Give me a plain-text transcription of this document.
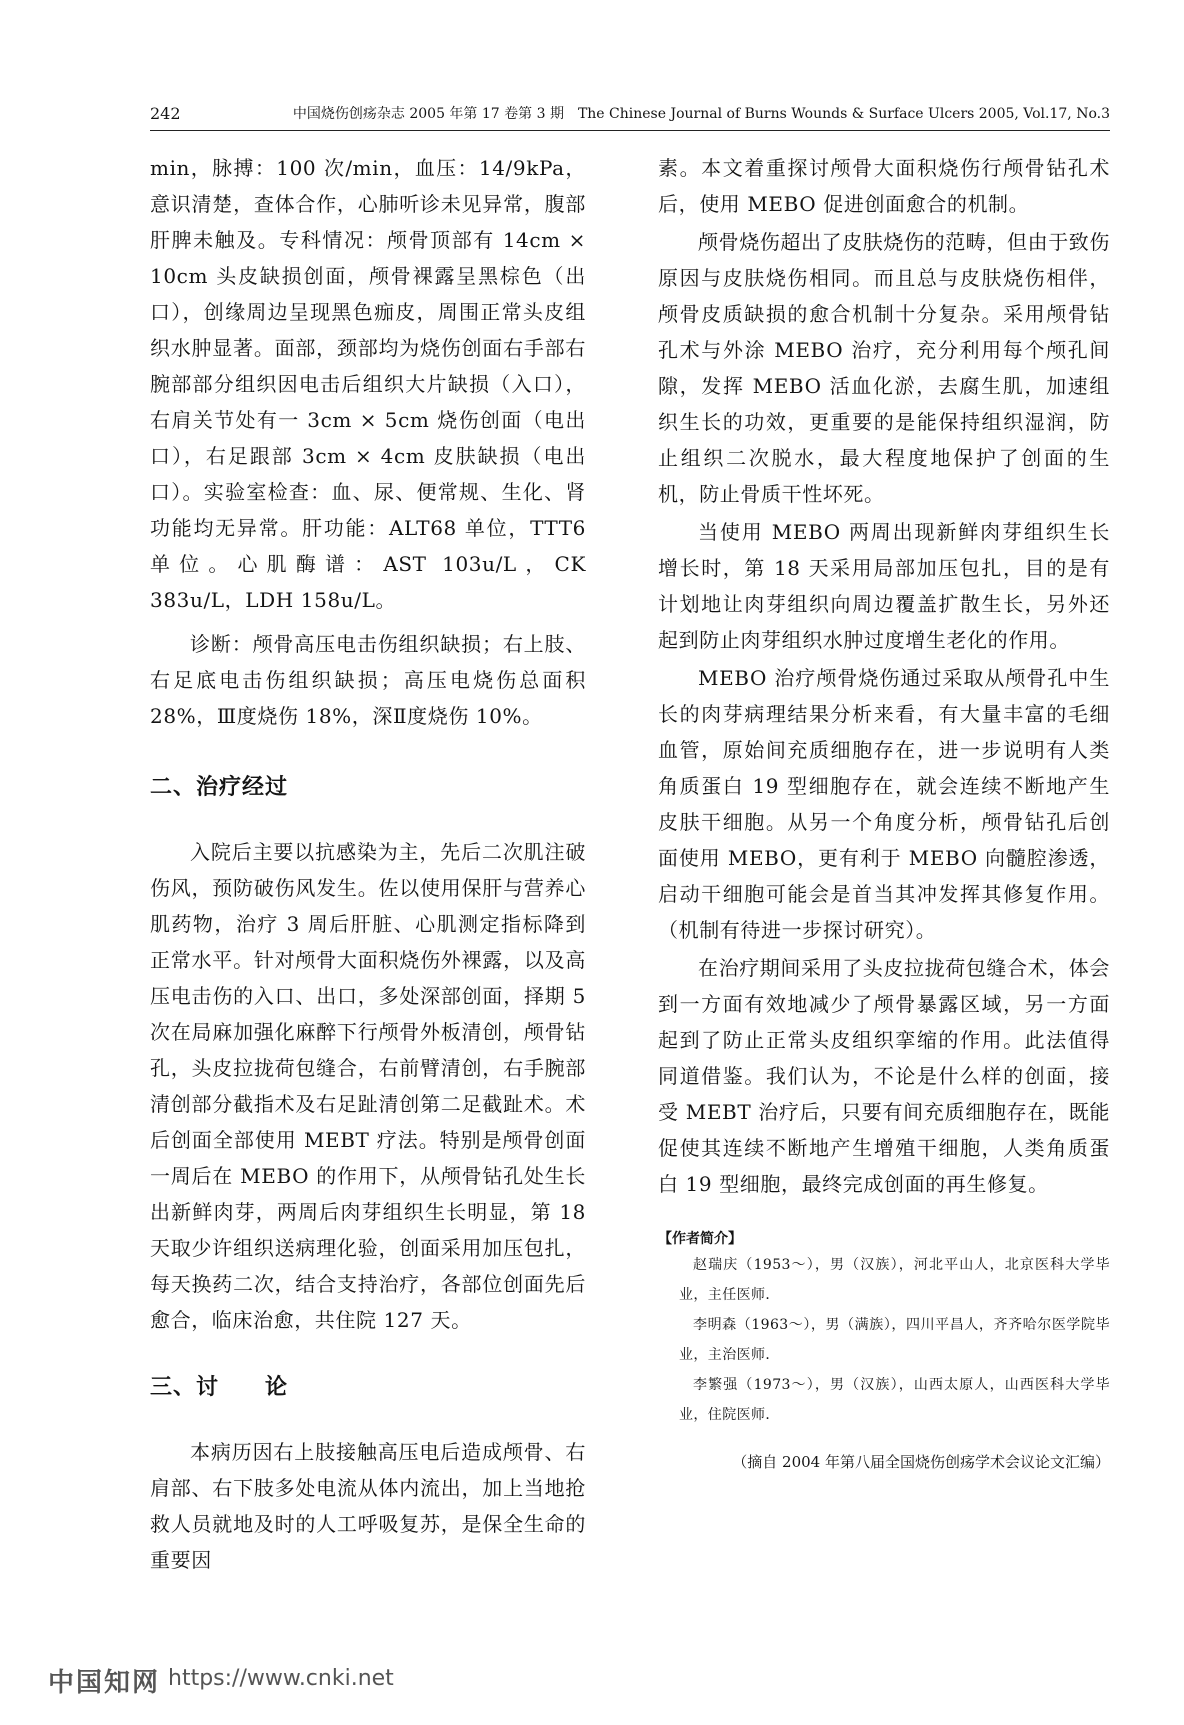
242	中国烧伤创疡杂志 2005 年第 17 卷第 3 期　The Chinese Journal of Burns Wounds & Surface Ulcers 2005, Vol.17, No.3

min，脉搏：100 次/min，血压：14/9kPa，意识清楚，查体合作，心肺听诊未见异常，腹部肝脾未触及。专科情况：颅骨顶部有 14cm × 10cm 头皮缺损创面，颅骨裸露呈黑棕色（出口），创缘周边呈现黑色痂皮，周围正常头皮组织水肿显著。面部，颈部均为烧伤创面右手部右腕部部分组织因电击后组织大片缺损（入口），右肩关节处有一 3cm × 5cm 烧伤创面（电出口），右足跟部 3cm × 4cm 皮肤缺损（电出口）。实验室检查：血、尿、便常规、生化、肾功能均无异常。肝功能：ALT68 单位，TTT6 单位。心肌酶谱：AST 103u/L，CK 383u/L，LDH 158u/L。

诊断：颅骨高压电击伤组织缺损；右上肢、右足底电击伤组织缺损；高压电烧伤总面积 28%，Ⅲ度烧伤 18%，深Ⅱ度烧伤 10%。

二、治疗经过

入院后主要以抗感染为主，先后二次肌注破伤风，预防破伤风发生。佐以使用保肝与营养心肌药物，治疗 3 周后肝脏、心肌测定指标降到正常水平。针对颅骨大面积烧伤外裸露，以及高压电击伤的入口、出口，多处深部创面，择期 5 次在局麻加强化麻醉下行颅骨外板清创，颅骨钻孔，头皮拉拢荷包缝合，右前臂清创，右手腕部清创部分截指术及右足趾清创第二足截趾术。术后创面全部使用 MEBT 疗法。特别是颅骨创面一周后在 MEBO 的作用下，从颅骨钻孔处生长出新鲜肉芽，两周后肉芽组织生长明显，第 18 天取少许组织送病理化验，创面采用加压包扎，每天换药二次，结合支持治疗，各部位创面先后愈合，临床治愈，共住院 127 天。

三、讨　　论

本病历因右上肢接触高压电后造成颅骨、右肩部、右下肢多处电流从体内流出，加上当地抢救人员就地及时的人工呼吸复苏，是保全生命的重要因

素。本文着重探讨颅骨大面积烧伤行颅骨钻孔术后，使用 MEBO 促进创面愈合的机制。

颅骨烧伤超出了皮肤烧伤的范畴，但由于致伤原因与皮肤烧伤相同。而且总与皮肤烧伤相伴，颅骨皮质缺损的愈合机制十分复杂。采用颅骨钻孔术与外涂 MEBO 治疗，充分利用每个颅孔间隙，发挥 MEBO 活血化淤，去腐生肌，加速组织生长的功效，更重要的是能保持组织湿润，防止组织二次脱水，最大程度地保护了创面的生机，防止骨质干性坏死。

当使用 MEBO 两周出现新鲜肉芽组织生长增长时，第 18 天采用局部加压包扎，目的是有计划地让肉芽组织向周边覆盖扩散生长，另外还起到防止肉芽组织水肿过度增生老化的作用。

MEBO 治疗颅骨烧伤通过采取从颅骨孔中生长的肉芽病理结果分析来看，有大量丰富的毛细血管，原始间充质细胞存在，进一步说明有人类角质蛋白 19 型细胞存在，就会连续不断地产生皮肤干细胞。从另一个角度分析，颅骨钻孔后创面使用 MEBO，更有利于 MEBO 向髓腔渗透，启动干细胞可能会是首当其冲发挥其修复作用。（机制有待进一步探讨研究）。

在治疗期间采用了头皮拉拢荷包缝合术，体会到一方面有效地减少了颅骨暴露区域，另一方面起到了防止正常头皮组织挛缩的作用。此法值得同道借鉴。我们认为，不论是什么样的创面，接受 MEBT 治疗后，只要有间充质细胞存在，既能促使其连续不断地产生增殖干细胞，人类角质蛋白 19 型细胞，最终完成创面的再生修复。

【作者简介】

赵瑞庆（1953～），男（汉族），河北平山人，北京医科大学毕业，主任医师．

李明森（1963～），男（满族），四川平昌人，齐齐哈尔医学院毕业，主治医师．

李繁强（1973～），男（汉族），山西太原人，山西医科大学毕业，住院医师．

（摘自 2004 年第八届全国烧伤创疡学术会议论文汇编）

中国知网 https://www.cnki.net
